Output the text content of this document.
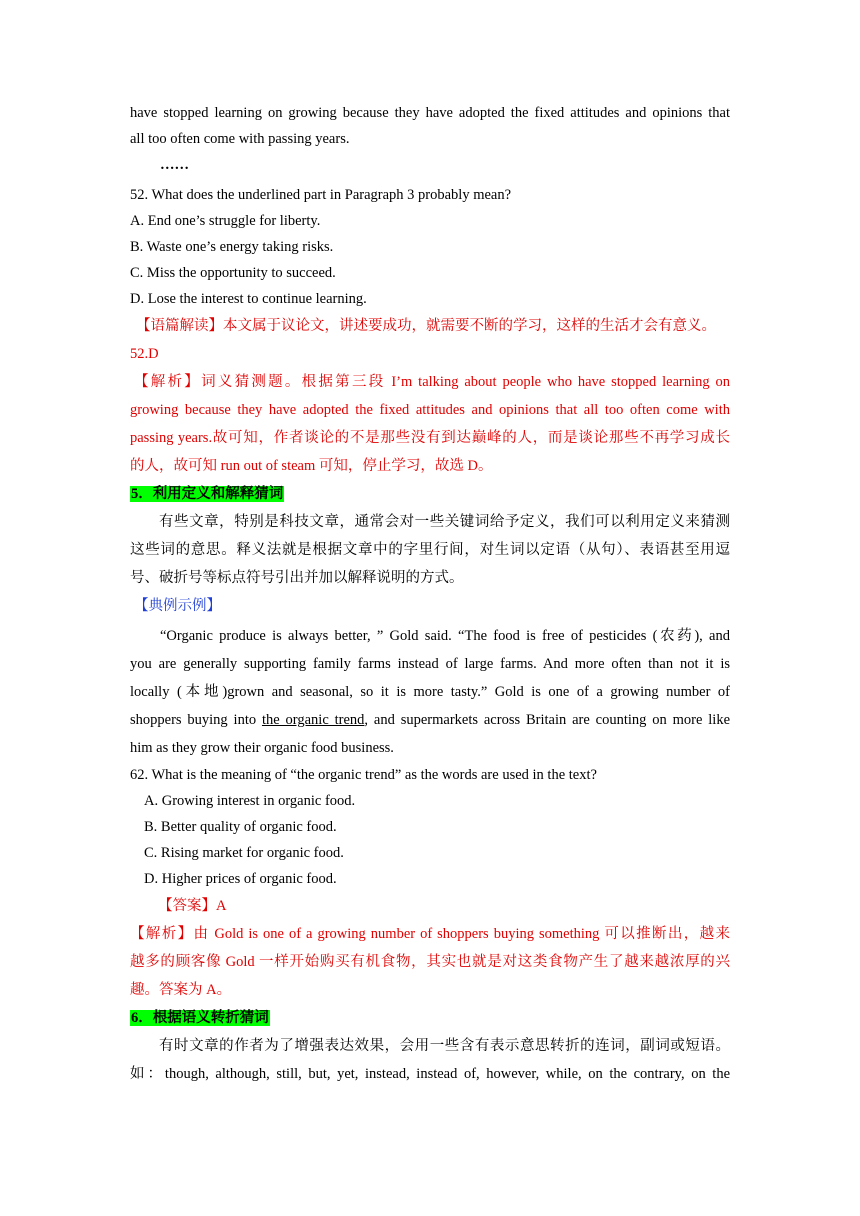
have stopped learning on growing because they have adopted the fixed attitudes and opinions that

all too often come with passing years.

……

52. What does the underlined part in Paragraph 3 probably mean?

A. End one’s struggle for liberty.

B. Waste one’s energy taking risks.

C. Miss the opportunity to succeed.

D. Lose the interest to continue learning.

【语篇解读】本文属于议论文，讲述要成功，就需要不断的学习，这样的生活才会有意义。

52.D

【解析】词义猜测题。根据第三段 I’m talking about people who have stopped learning on

growing because they have adopted the fixed attitudes and opinions that all too often come with

passing years.故可知，作者谈论的不是那些没有到达巅峰的人，而是谈论那些不再学习成长

的人，故可知 run out of steam 可知，停止学习，故选 D。

5．利用定义和解释猜词

有些文章，特别是科技文章，通常会对一些关键词给予定义，我们可以利用定义来猜测

这些词的意思。释义法就是根据文章中的字里行间，对生词以定语（从句）、表语甚至用逗

号、破折号等标点符号引出并加以解释说明的方式。

【典例示例】

“Organic produce is always better, ” Gold said. “The food is free of pesticides (农药), and

you are generally supporting family farms instead of large farms. And more often than not it is

locally (本地)grown and seasonal, so it is more tasty.” Gold is one of a growing number of

shoppers buying into the organic trend, and supermarkets across Britain are counting on more like

him as they grow their organic food business.

62. What is the meaning of “the organic trend” as the words are used in the text?

A. Growing interest in organic food.

B. Better quality of organic food.

C. Rising market for organic food.

D. Higher prices of organic food.

【答案】A

【解析】由 Gold is one of a growing number of shoppers buying something 可以推断出，越来

越多的顾客像 Gold 一样开始购买有机食物，其实也就是对这类食物产生了越来越浓厚的兴

趣。答案为 A。

6．根据语义转折猜词

有时文章的作者为了增强表达效果，会用一些含有表示意思转折的连词，副词或短语。

如：though, although, still, but, yet, instead, instead of, however, while, on the contrary, on the
